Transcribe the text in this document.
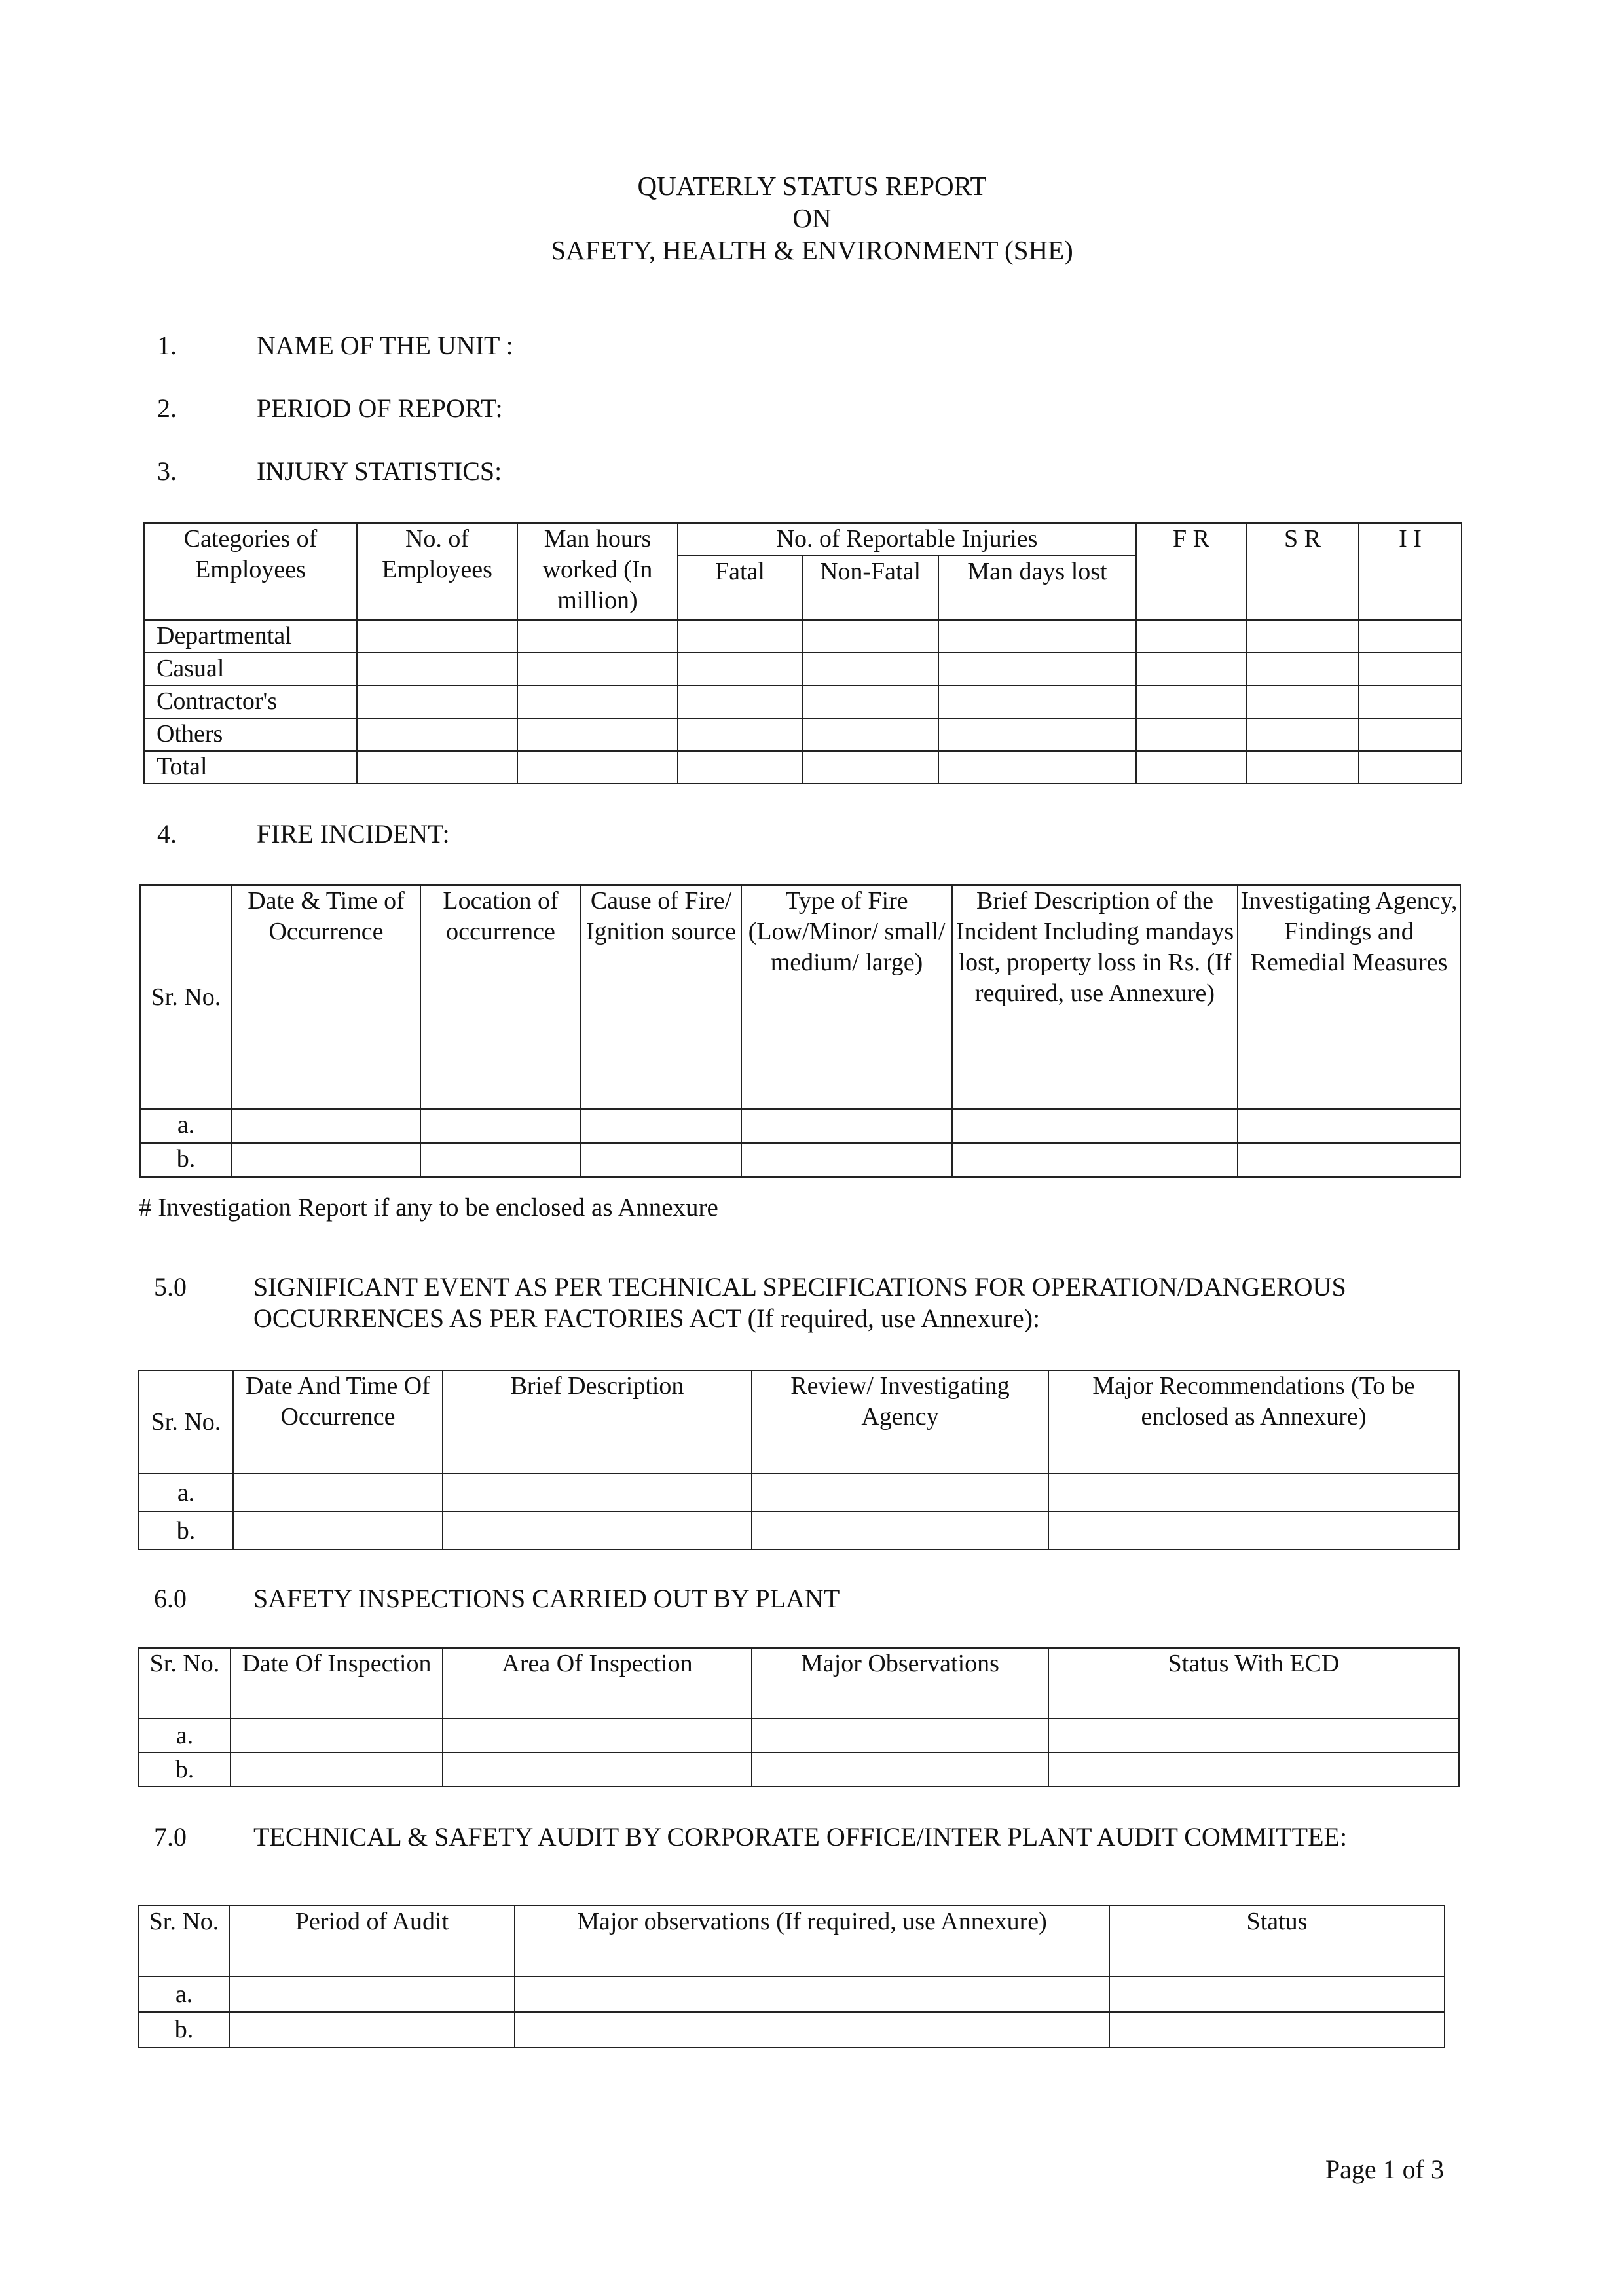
QUATERLY STATUS REPORT
ON
SAFETY, HEALTH & ENVIRONMENT (SHE)
1.	NAME OF THE UNIT :
2.	PERIOD OF REPORT:
3.	INJURY STATISTICS:
Categories of Employees	No. of Employees	Man hours worked (In million)	No. of Reportable Injuries			F R	S R	I I
			Fatal	Non-Fatal	Man days lost			
Departmental								
Casual								
Contractor's								
Others								
Total								
4.	FIRE INCIDENT:
Sr. No.	Date & Time of Occurrence	Location of occurrence	Cause of Fire/ Ignition source	Type of Fire (Low/Minor/ small/ medium/ large)	Brief Description of the Incident Including mandays lost, property loss in Rs. (If required, use Annexure)	Investigating Agency, Findings and Remedial Measures
a.						
b.						
# Investigation Report if any to be enclosed as Annexure
5.0	SIGNIFICANT EVENT AS PER TECHNICAL SPECIFICATIONS FOR OPERATION/DANGEROUS
OCCURRENCES AS PER FACTORIES ACT (If required, use Annexure):
Sr. No.	Date And Time Of Occurrence	Brief Description	Review/ Investigating Agency	Major Recommendations (To be enclosed as Annexure)
a.				
b.				
6.0	SAFETY INSPECTIONS CARRIED OUT BY PLANT
Sr. No.	Date Of Inspection	Area Of Inspection	Major Observations	Status With ECD
a.				
b.				
7.0	TECHNICAL & SAFETY AUDIT BY CORPORATE OFFICE/INTER PLANT AUDIT COMMITTEE:
Sr. No.	Period of Audit	Major observations (If required, use Annexure)	Status
a.			
b.			
Page 1 of 3
